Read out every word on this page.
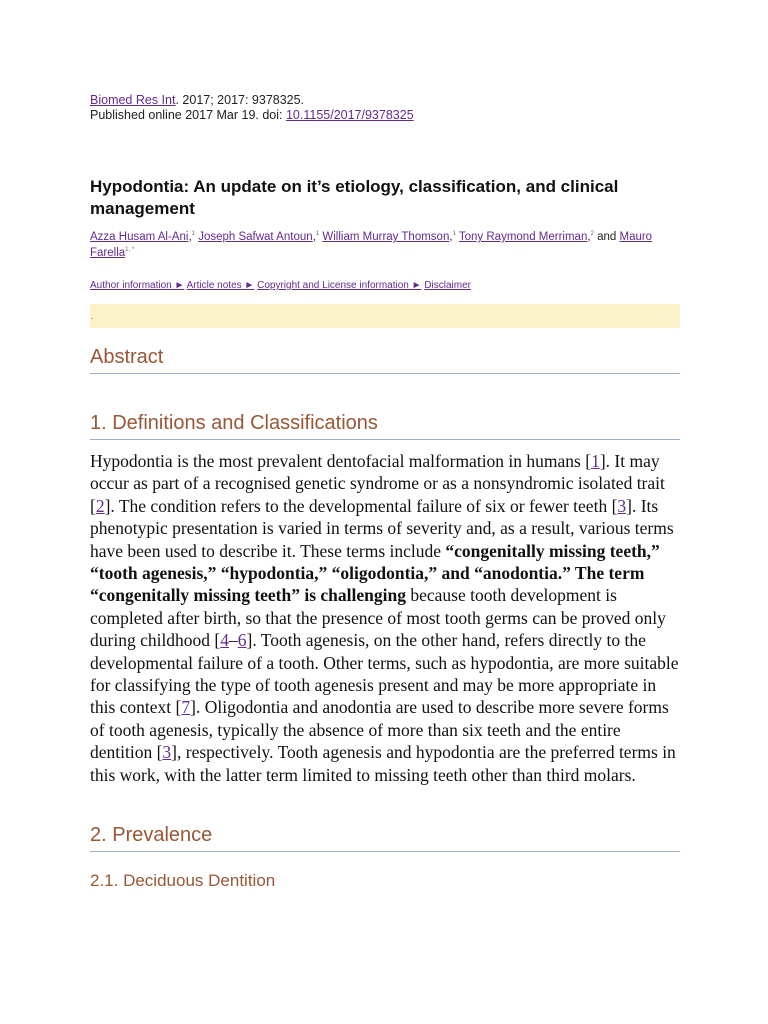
Biomed Res Int. 2017; 2017: 9378325.
Published online 2017 Mar 19. doi: 10.1155/2017/9378325
Hypodontia: An update on it’s etiology, classification, and clinical management
Azza Husam Al-Ani,$^1$ Joseph Safwat Antoun,$^1$ William Murray Thomson,$^1$ Tony Raymond Merriman,$^2$ and Mauro Farella$^{1, *}$
Author information ► Article notes ► Copyright and License information ► Disclaimer
.
Abstract
1. Definitions and Classifications

Hypodontia is the most prevalent dentofacial malformation in humans [1]. It may occur as part of a recognised genetic syndrome or as a nonsyndromic isolated trait [2]. The condition refers to the developmental failure of six or fewer teeth [3]. Its phenotypic presentation is varied in terms of severity and, as a result, various terms have been used to describe it. These terms include “congenitally missing teeth,” “tooth agenesis,” “hypodontia,” “oligodontia,” and “anodontia.” The term “congenitally missing teeth” is challenging because tooth development is completed after birth, so that the presence of most tooth germs can be proved only during childhood [4–6]. Tooth agenesis, on the other hand, refers directly to the developmental failure of a tooth. Other terms, such as hypodontia, are more suitable for classifying the type of tooth agenesis present and may be more appropriate in this context [7]. Oligodontia and anodontia are used to describe more severe forms of tooth agenesis, typically the absence of more than six teeth and the entire dentition [3], respectively. Tooth agenesis and hypodontia are the preferred terms in this work, with the latter term limited to missing teeth other than third molars.

2. Prevalence
2.1. Deciduous Dentition
